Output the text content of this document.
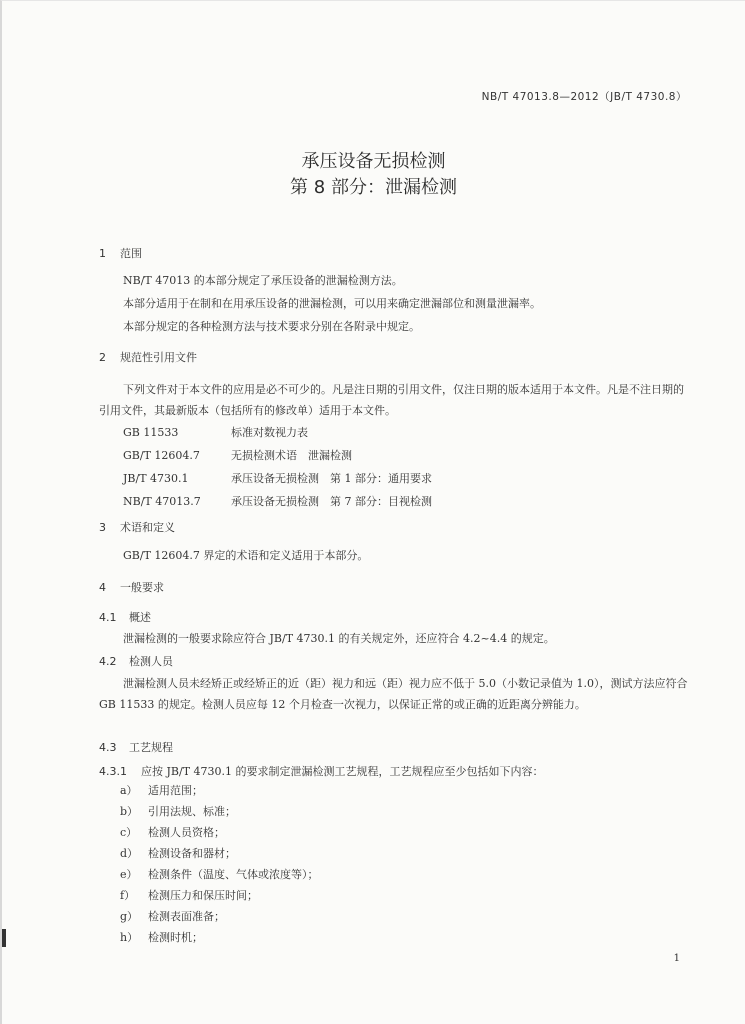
NB/T 47013.8—2012（JB/T 4730.8）
承压设备无损检测
第 8 部分：泄漏检测
1 范围
NB/T 47013 的本部分规定了承压设备的泄漏检测方法。
本部分适用于在制和在用承压设备的泄漏检测，可以用来确定泄漏部位和测量泄漏率。
本部分规定的各种检测方法与技术要求分别在各附录中规定。
2 规范性引用文件
下列文件对于本文件的应用是必不可少的。凡是注日期的引用文件，仅注日期的版本适用于本文件。凡是不注日期的引用文件，其最新版本（包括所有的修改单）适用于本文件。
GB 11533	标准对数视力表
GB/T 12604.7	无损检测术语　泄漏检测
JB/T 4730.1	承压设备无损检测　第 1 部分：通用要求
NB/T 47013.7	承压设备无损检测　第 7 部分：目视检测
3 术语和定义
GB/T 12604.7 界定的术语和定义适用于本部分。
4 一般要求
4.1 概述
泄漏检测的一般要求除应符合 JB/T 4730.1 的有关规定外，还应符合 4.2~4.4 的规定。
4.2 检测人员
泄漏检测人员未经矫正或经矫正的近（距）视力和远（距）视力应不低于 5.0（小数记录值为 1.0），测试方法应符合 GB 11533 的规定。检测人员应每 12 个月检查一次视力，以保证正常的或正确的近距离分辨能力。
4.3 工艺规程
4.3.1 应按 JB/T 4730.1 的要求制定泄漏检测工艺规程，工艺规程应至少包括如下内容：
a） 适用范围；
b） 引用法规、标准；
c） 检测人员资格；
d） 检测设备和器材；
e） 检测条件（温度、气体或浓度等）；
f） 检测压力和保压时间；
g） 检测表面准备；
h） 检测时机；
1
